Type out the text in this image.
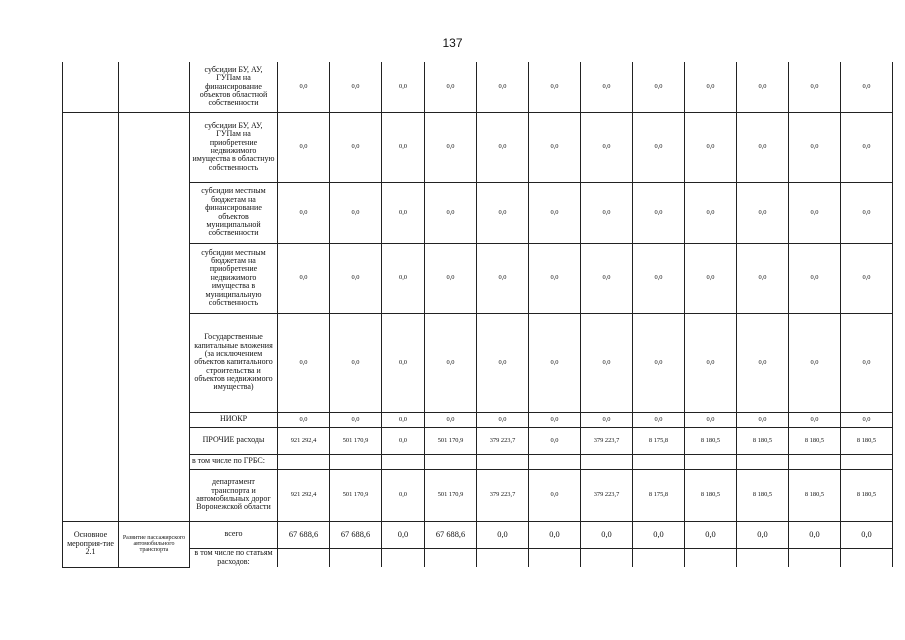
137
		субсидии БУ, АУ, ГУПам на финансирование объектов областной собственности	0,0	0,0	0,0	0,0	0,0	0,0	0,0	0,0	0,0	0,0	0,0	0,0
		субсидии БУ, АУ, ГУПам на приобретение недвижимого имущества в областную собственность	0,0	0,0	0,0	0,0	0,0	0,0	0,0	0,0	0,0	0,0	0,0	0,0
		субсидии местным бюджетам на финансирование объектов муниципальной собственности	0,0	0,0	0,0	0,0	0,0	0,0	0,0	0,0	0,0	0,0	0,0	0,0
		субсидии местным бюджетам на приобретение недвижимого имущества в муниципальную собственность	0,0	0,0	0,0	0,0	0,0	0,0	0,0	0,0	0,0	0,0	0,0	0,0
		Государственные капитальные вложения (за исключением объектов капитального строительства и объектов недвижимого имущества)	0,0	0,0	0,0	0,0	0,0	0,0	0,0	0,0	0,0	0,0	0,0	0,0
		НИОКР	0,0	0,0	0,0	0,0	0,0	0,0	0,0	0,0	0,0	0,0	0,0	0,0
		ПРОЧИЕ расходы	921 292,4	501 170,9	0,0	501 170,9	379 223,7	0,0	379 223,7	8 175,8	8 180,5	8 180,5	8 180,5	8 180,5
		в том числе по ГРБС:												
		департамент транспорта и автомобильных дорог Воронежской области	921 292,4	501 170,9	0,0	501 170,9	379 223,7	0,0	379 223,7	8 175,8	8 180,5	8 180,5	8 180,5	8 180,5
Основное мероприя-тие 2.1	Развитие пассажирского автомобильного транспорта	всего	67 688,6	67 688,6	0,0	67 688,6	0,0	0,0	0,0	0,0	0,0	0,0	0,0	0,0
		в том числе по статьям расходов:												
